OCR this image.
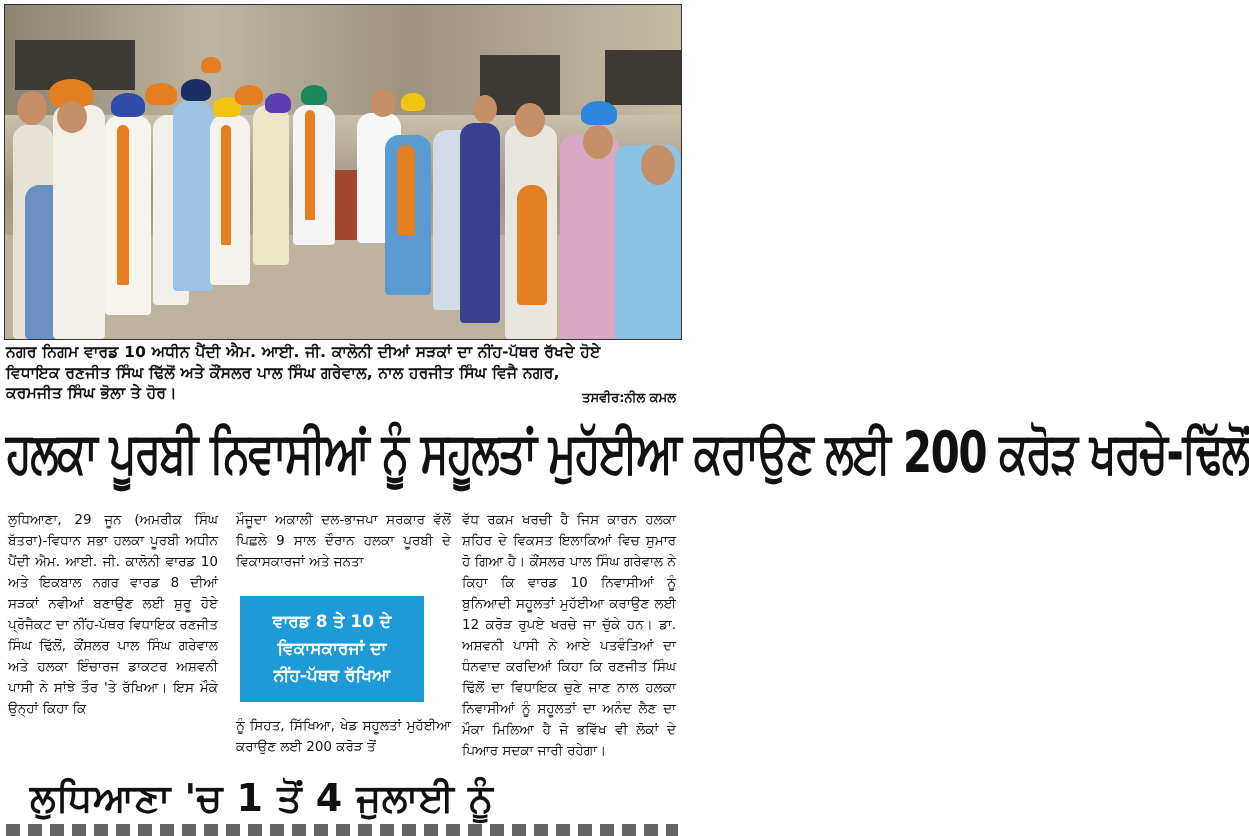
ਨਗਰ ਨਿਗਮ ਵਾਰਡ 10 ਅਧੀਨ ਪੈਂਦੀ ਐਮ. ਆਈ. ਜੀ. ਕਾਲੋਨੀ ਦੀਆਂ ਸੜਕਾਂ ਦਾ ਨੀਂਹ-ਪੱਥਰ ਰੱਖਦੇ ਹੋਏ
ਵਿਧਾਇਕ ਰਣਜੀਤ ਸਿੰਘ ਢਿੱਲੋਂ ਅਤੇ ਕੌਂਸਲਰ ਪਾਲ ਸਿੰਘ ਗਰੇਵਾਲ, ਨਾਲ ਹਰਜੀਤ ਸਿੰਘ ਵਿਜੈ ਨਗਰ,
ਕਰਮਜੀਤ ਸਿੰਘ ਭੋਲਾ ਤੇ ਹੋਰ।	ਤਸਵੀਰ:ਨੀਲ ਕਮਲ
ਹਲਕਾ ਪੂਰਬੀ ਨਿਵਾਸੀਆਂ ਨੂੰ ਸਹੂਲਤਾਂ ਮੁਹੱਈਆ ਕਰਾਉਣ ਲਈ 200 ਕਰੋੜ ਖਰਚੇ-ਢਿੱਲੋਂ
ਲੁਧਿਆਣਾ, 29 ਜੂਨ (ਅਮਰੀਕ ਸਿੰਘ ਬੱਤਰਾ)-ਵਿਧਾਨ ਸਭਾ ਹਲਕਾ ਪੂਰਬੀ ਅਧੀਨ ਪੈਂਦੀ ਐਮ. ਆਈ. ਜੀ. ਕਾਲੋਨੀ ਵਾਰਡ 10 ਅਤੇ ਇਕਬਾਲ ਨਗਰ ਵਾਰਡ 8 ਦੀਆਂ ਸੜਕਾਂ ਨਵੀਆਂ ਬਣਾਉਣ ਲਈ ਸ਼ੁਰੂ ਹੋਏ ਪ੍ਰੋਜੈਕਟ ਦਾ ਨੀਂਹ-ਪੱਥਰ ਵਿਧਾਇਕ ਰਣਜੀਤ ਸਿੰਘ ਢਿੱਲੋਂ, ਕੌਂਸਲਰ ਪਾਲ ਸਿੰਘ ਗਰੇਵਾਲ ਅਤੇ ਹਲਕਾ ਇੰਚਾਰਜ ਡਾਕਟਰ ਅਸ਼ਵਨੀ ਪਾਸੀ ਨੇ ਸਾਂਝੇ ਤੌਰ 'ਤੇ ਰੱਖਿਆ। ਇਸ ਮੌਕੇ ਉਨ੍ਹਾਂ ਕਿਹਾ ਕਿ
ਮੌਜੂਦਾ ਅਕਾਲੀ ਦਲ-ਭਾਜਪਾ ਸਰਕਾਰ ਵੱਲੋਂ ਪਿਛਲੇ 9 ਸਾਲ ਦੌਰਾਨ ਹਲਕਾ ਪੂਰਬੀ ਦੇ ਵਿਕਾਸਕਾਰਜਾਂ ਅਤੇ ਜਨਤਾ
ਵਾਰਡ 8 ਤੇ 10 ਦੇ
ਵਿਕਾਸਕਾਰਜਾਂ ਦਾ
ਨੀਂਹ-ਪੱਥਰ ਰੱਖਿਆ
ਨੂੰ ਸਿਹਤ, ਸਿੱਖਿਆ, ਖੇਡ ਸਹੂਲਤਾਂ ਮੁਹੱਈਆ ਕਰਾਉਣ ਲਈ 200 ਕਰੋੜ ਤੋਂ
ਵੱਧ ਰਕਮ ਖਰਚੀ ਹੈ ਜਿਸ ਕਾਰਨ ਹਲਕਾ ਸ਼ਹਿਰ ਦੇ ਵਿਕਸਤ ਇਲਾਕਿਆਂ ਵਿਚ ਸ਼ੁਮਾਰ ਹੋ ਗਿਆ ਹੈ। ਕੌਂਸਲਰ ਪਾਲ ਸਿੰਘ ਗਰੇਵਾਲ ਨੇ ਕਿਹਾ ਕਿ ਵਾਰਡ 10 ਨਿਵਾਸੀਆਂ ਨੂੰ ਬੁਨਿਆਦੀ ਸਹੂਲਤਾਂ ਮੁਹੱਈਆ ਕਰਾਉਣ ਲਈ 12 ਕਰੋੜ ਰੁਪਏ ਖਰਚੇ ਜਾ ਚੁੱਕੇ ਹਨ। ਡਾ. ਅਸ਼ਵਨੀ ਪਾਸੀ ਨੇ ਆਏ ਪਤਵੰਤਿਆਂ ਦਾ ਧੰਨਵਾਦ ਕਰਦਿਆਂ ਕਿਹਾ ਕਿ ਰਣਜੀਤ ਸਿੰਘ ਢਿੱਲੋਂ ਦਾ ਵਿਧਾਇਕ ਚੁਣੇ ਜਾਣ ਨਾਲ ਹਲਕਾ ਨਿਵਾਸੀਆਂ ਨੂੰ ਸਹੂਲਤਾਂ ਦਾ ਅਨੰਦ ਲੈਣ ਦਾ ਮੌਕਾ ਮਿਲਿਆ ਹੈ ਜੋ ਭਵਿੱਖ ਵੀ ਲੋਕਾਂ ਦੇ ਪਿਆਰ ਸਦਕਾ ਜਾਰੀ ਰਹੇਗਾ।
ਲੁਧਿਆਣਾ 'ਚ 1 ਤੋਂ 4 ਜੁਲਾਈ ਨੂੰ
